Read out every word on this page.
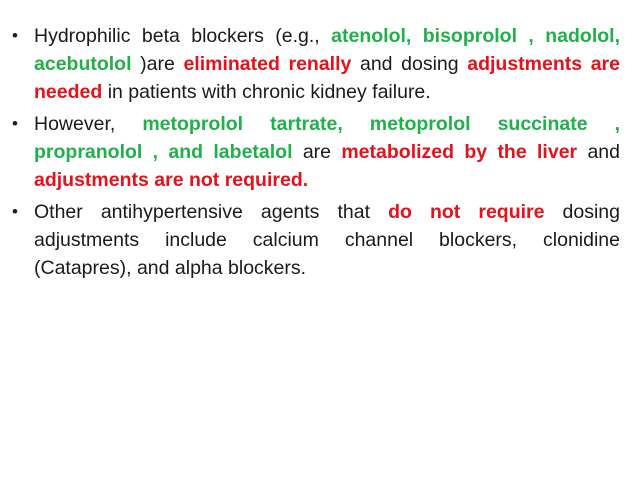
• Hydrophilic beta blockers (e.g., atenolol, bisoprolol , nadolol, acebutolol )are eliminated renally and dosing adjustments are needed in patients with chronic kidney failure.
• However, metoprolol tartrate, metoprolol succinate , propranolol , and labetalol are metabolized by the liver and adjustments are not required.
• Other antihypertensive agents that do not require dosing adjustments include calcium channel blockers, clonidine (Catapres), and alpha blockers.
